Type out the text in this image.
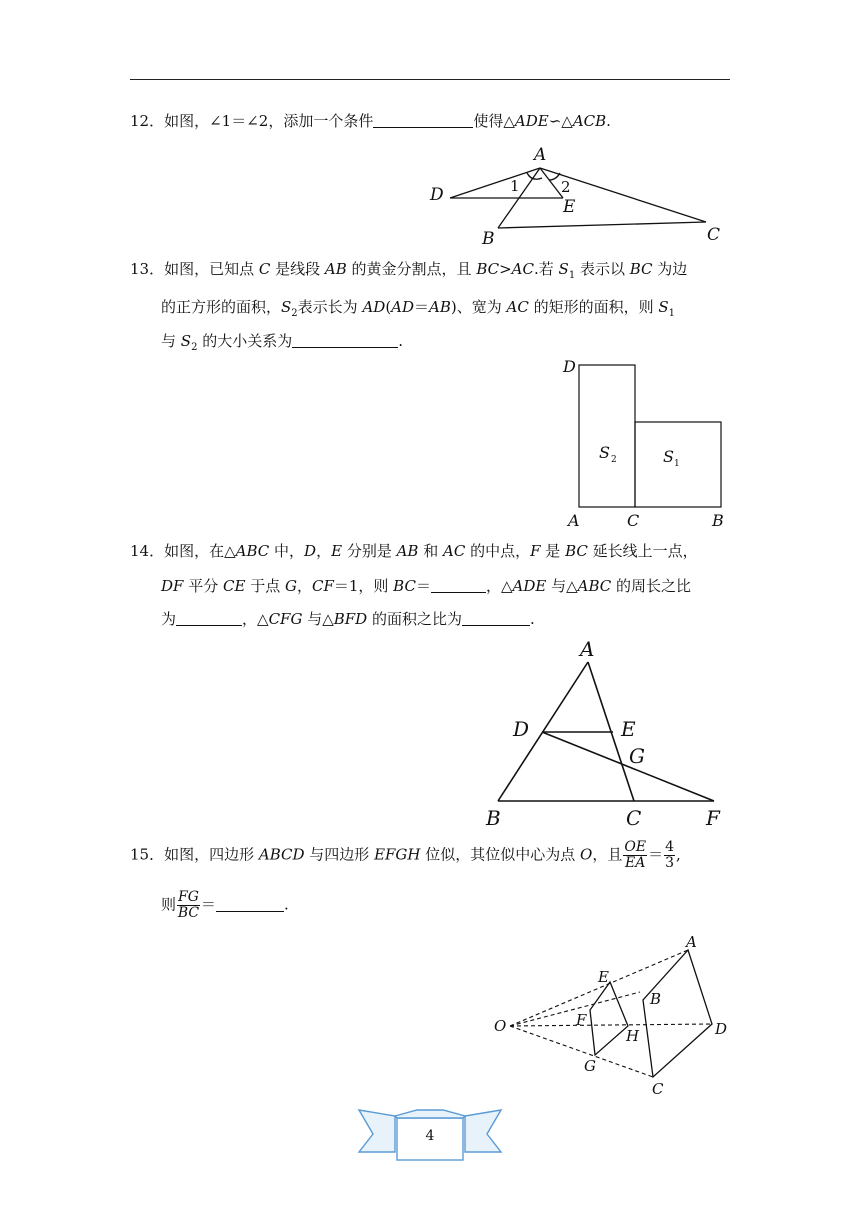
12．如图，∠1＝∠2，添加一个条件	使得△ADE∽△ACB.
A
D
E
B	C
1	2
13．如图，已知点 C 是线段 AB 的黄金分割点，且 BC>AC.若 $S_1$ 表示以 BC 为边
的正方形的面积，$S_2$表示长为 AD(AD＝AB)、宽为 AC 的矩形的面积，则 $S_1$
与 $S_2$ 的大小关系为	.
D
A	C	B
S	S
2	1
14．如图，在△ABC 中，D，E 分别是 AB 和 AC 的中点，F 是 BC 延长线上一点，
DF 平分 CE 于点 G，CF＝1，则 BC＝	，△ADE 与△ABC 的周长之比
为	，△CFG 与△BFD 的面积之比为	.
A
D	E
G
B	C	F
15．如图，四边形 ABCD 与四边形 EFGH 位似，其位似中心为点 O，且 $\frac{OE}{EA} = \frac{4}{3}$ ,
则 $\frac{FG}{BC}$ ＝	.
A
B
D
C
E
F
H
G
O
4
